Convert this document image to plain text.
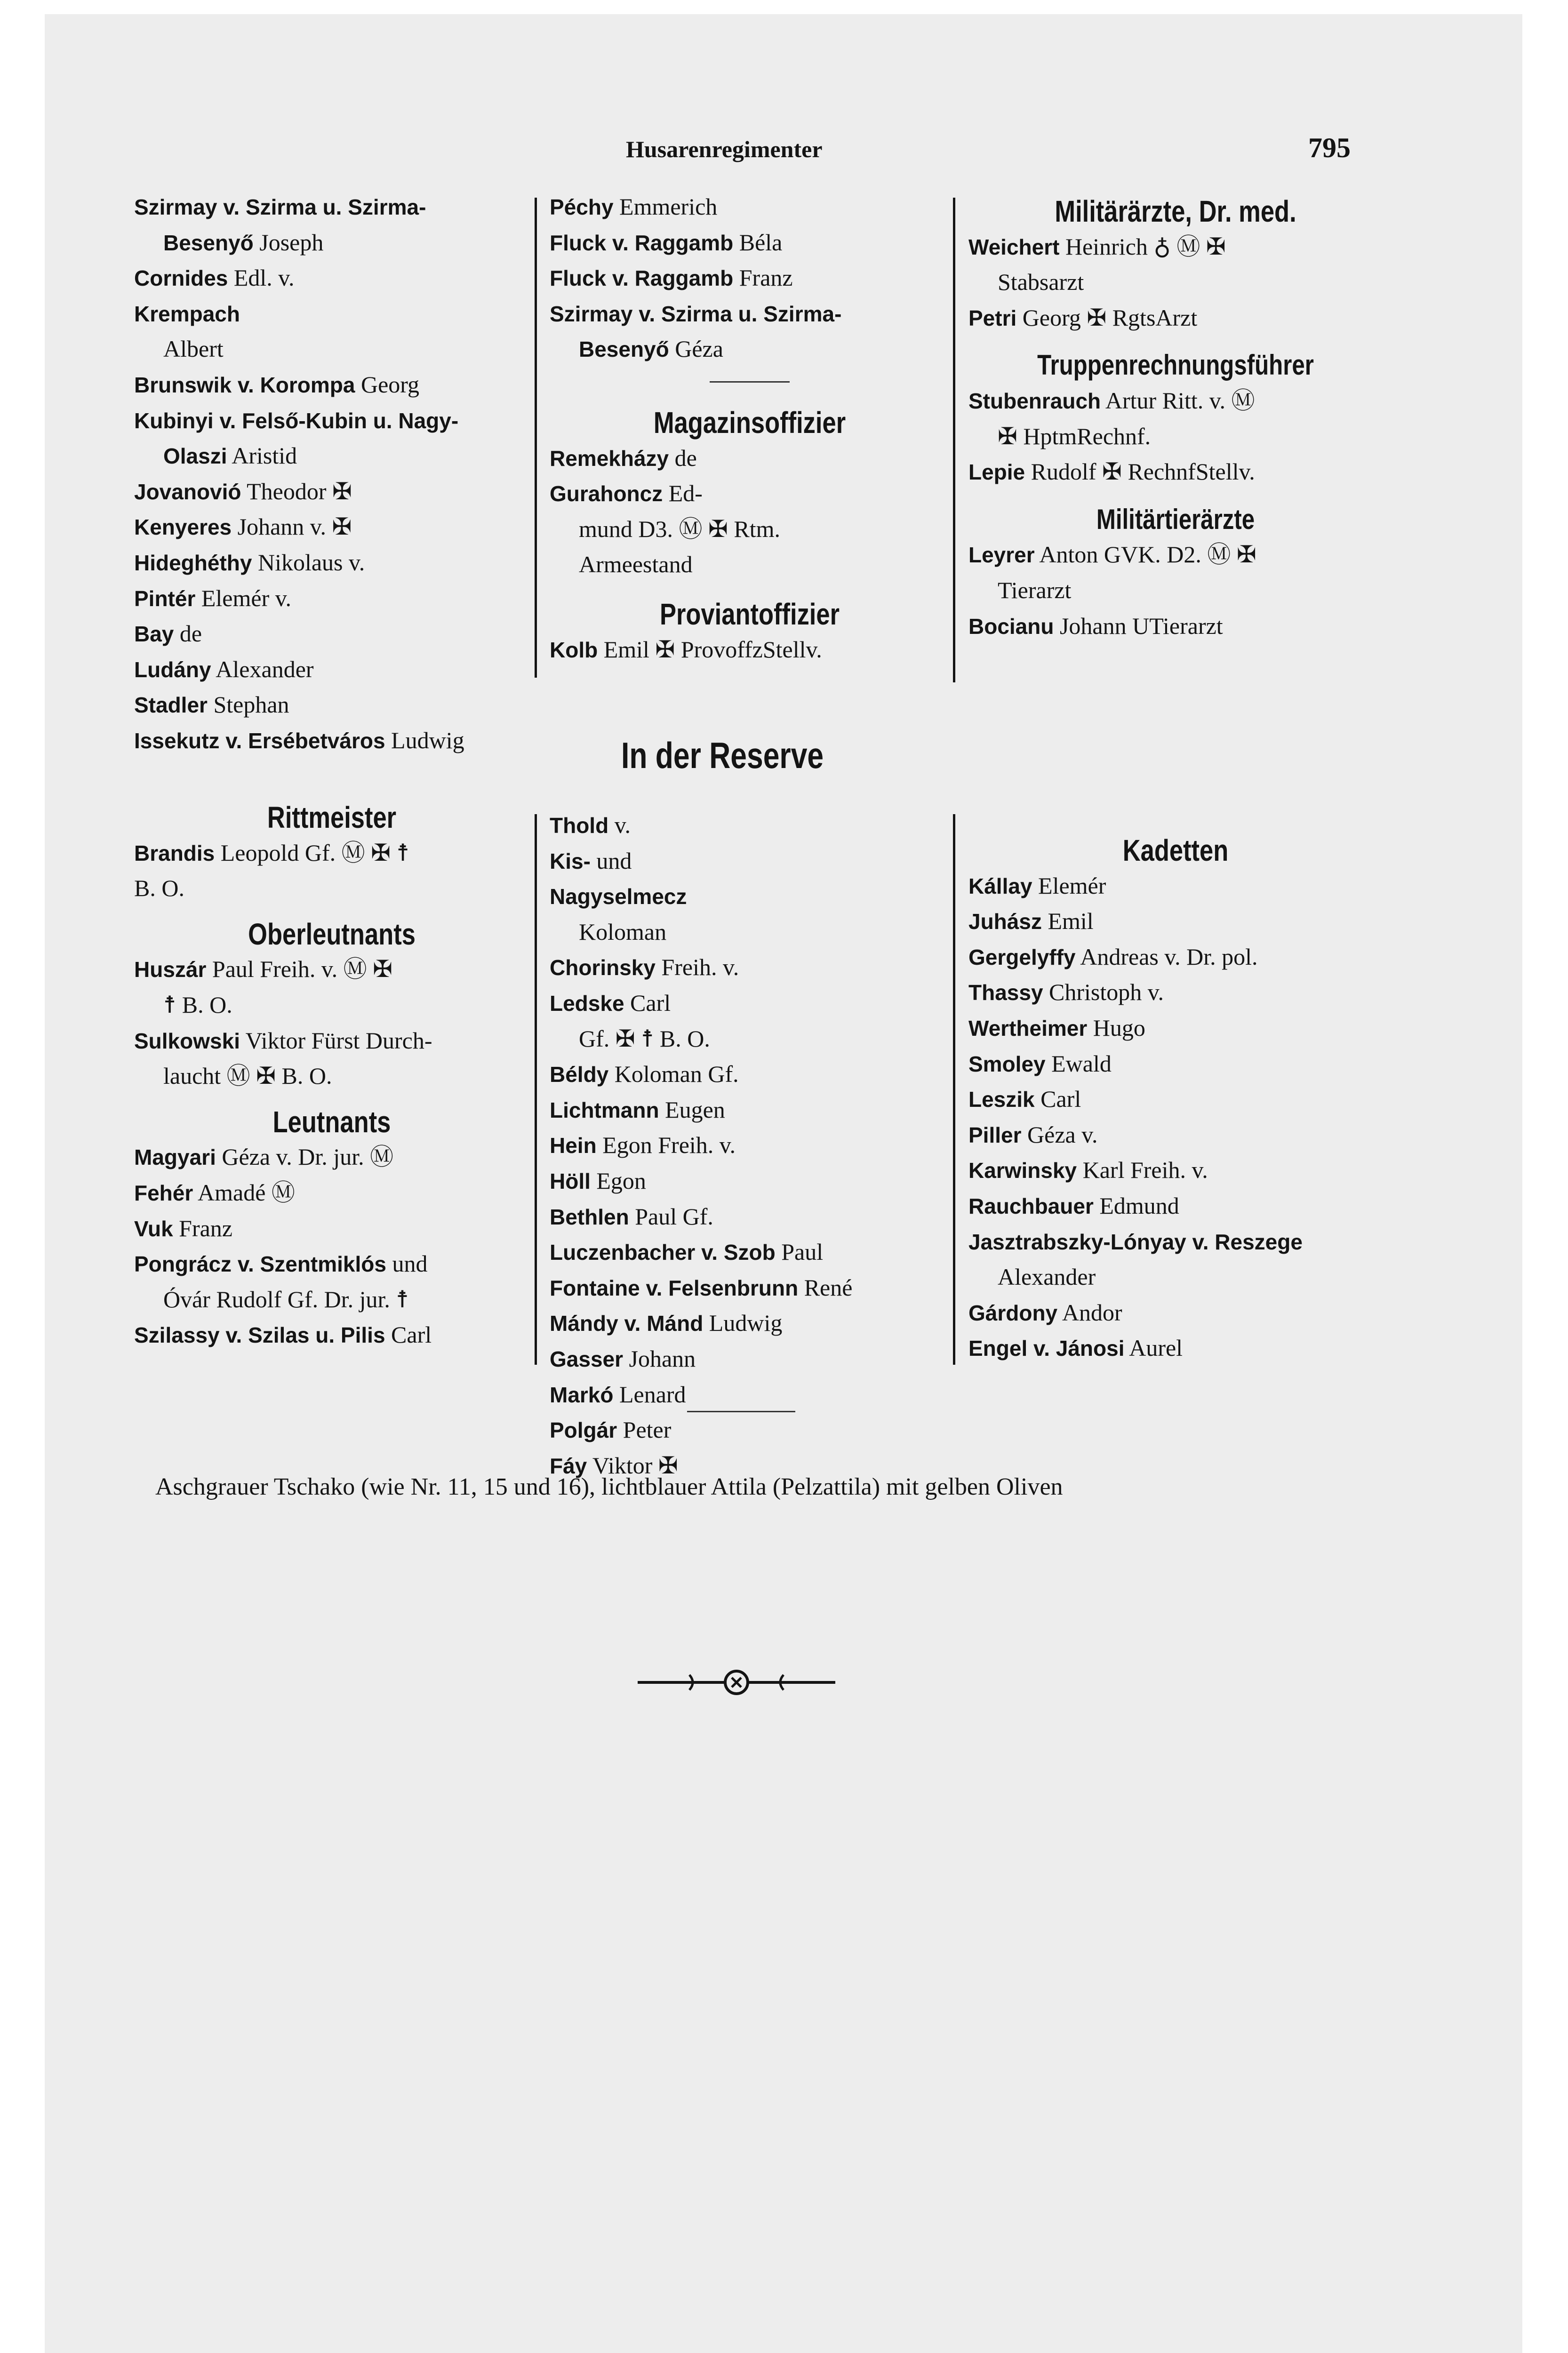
Husarenregimenter	795

Szirmay v. Szirma u. Szirma-

Besenyő Joseph

Cornides Edl. v.

Krempach

Albert

Brunswik v. Korompa Georg

Kubinyi v. Felső-Kubin u. Nagy-

Olaszi Aristid

Jovanovió Theodor ✠

Kenyeres Johann v. ✠

Hideghéthy Nikolaus v.

Pintér Elemér v.

Bay de

Ludány Alexander

Stadler Stephan

Issekutz v. Ersébetváros Ludwig

Péchy Emmerich

Fluck v. Raggamb Béla

Fluck v. Raggamb Franz

Szirmay v. Szirma u. Szirma-

Besenyő Géza

Magazinsoffizier

Remekházy de

Gurahoncz Ed-

mund D3. Ⓜ ✠ Rtm.

Armeestand

Proviantoffizier

Kolb Emil ✠ ProvoffzStellv.

Militärärzte, Dr. med.

Weichert Heinrich ♁ Ⓜ ✠

Stabsarzt

Petri Georg ✠ RgtsArzt

Truppenrechnungsführer

Stubenrauch Artur Ritt. v. Ⓜ

✠ HptmRechnf.

Lepie Rudolf ✠ RechnfStellv.

Militärtierärzte

Leyrer Anton GVK. D2. Ⓜ ✠

Tierarzt

Bocianu Johann UTierarzt

In der Reserve
Rittmeister

Brandis Leopold Gf. Ⓜ ✠ ☨

B. O.

Oberleutnants

Huszár Paul Freih. v. Ⓜ ✠

☨ B. O.

Sulkowski Viktor Fürst Durch-

laucht Ⓜ ✠ B. O.

Leutnants

Magyari Géza v. Dr. jur. Ⓜ

Fehér Amadé Ⓜ

Vuk Franz

Pongrácz v. Szentmiklós und

Óvár Rudolf Gf. Dr. jur. ☨

Szilassy v. Szilas u. Pilis Carl

Thold v.

Kis- und

Nagyselmecz

Koloman

Chorinsky Freih. v.

Ledske Carl

Gf. ✠ ☨ B. O.

Béldy Koloman Gf.

Lichtmann Eugen

Hein Egon Freih. v.

Höll Egon

Bethlen Paul Gf.

Luczenbacher v. Szob Paul

Fontaine v. Felsenbrunn René

Mándy v. Mánd Ludwig

Gasser Johann

Markó Lenard

Polgár Peter

Fáy Viktor ✠

Kadetten

Kállay Elemér

Juhász Emil

Gergelyffy Andreas v. Dr. pol.

Thassy Christoph v.

Wertheimer Hugo

Smoley Ewald

Leszik Carl

Piller Géza v.

Karwinsky Karl Freih. v.

Rauchbauer Edmund

Jasztrabszky-Lónyay v. Reszege

Alexander

Gárdony Andor

Engel v. Jánosi Aurel

Aschgrauer Tschako (wie Nr. 11, 15 und 16), lichtblauer Attila (Pelzattila) mit gelben Oliven
